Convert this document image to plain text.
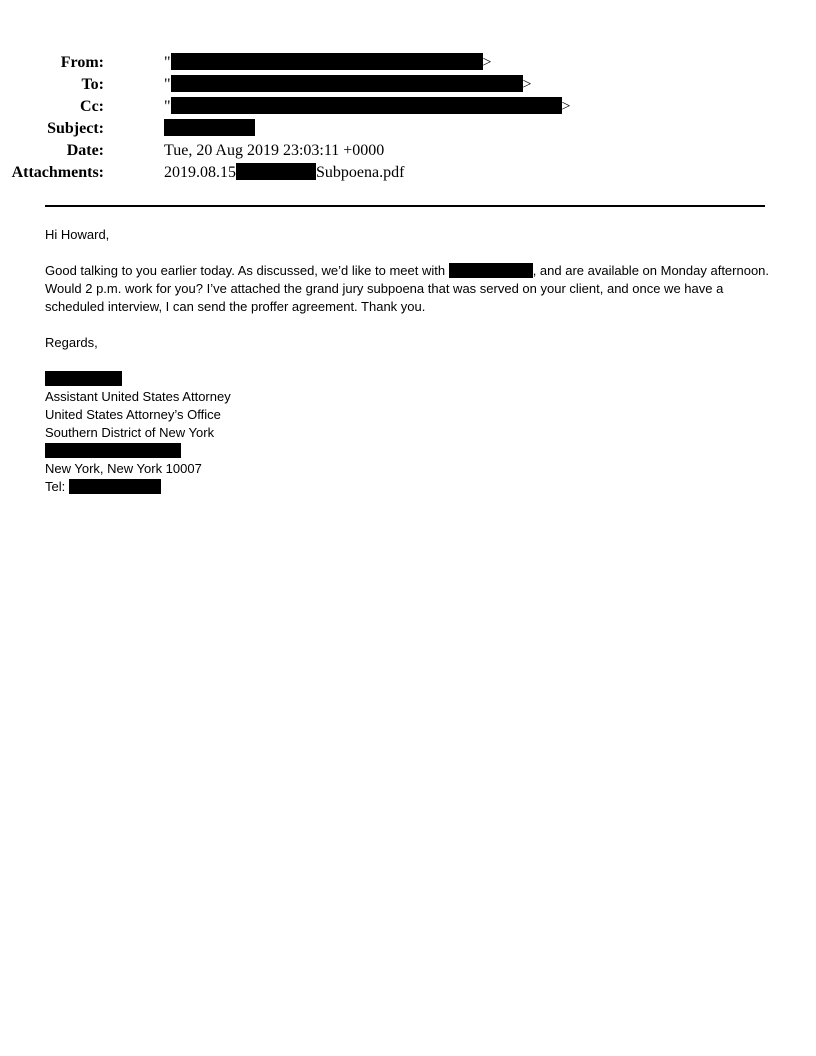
From:	"	>
To:	"	>
Cc:	"	>
Subject:
Date:	Tue, 20 Aug 2019 23:03:11 +0000
Attachments:	2019.08.15	Subpoena.pdf

Hi Howard,

Good talking to you earlier today. As discussed, we’d like to meet with	, and are available on Monday afternoon. Would 2 p.m. work for you? I’ve attached the grand jury subpoena that was served on your client, and once we have a scheduled interview, I can send the proffer agreement. Thank you.

Regards,

Assistant United States Attorney
United States Attorney’s Office
Southern District of New York
New York, New York 10007
Tel:
